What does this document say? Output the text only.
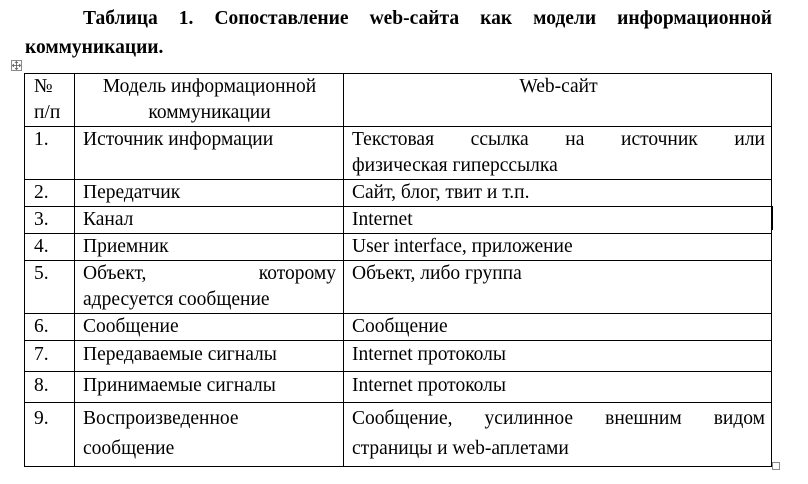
Таблица 1. Сопоставление web-сайта как модели информационной
коммуникации.
№
п/п	Модель информационной коммуникации	Web-сайт
1.	Источник информации	Текстовая ссылка на источник или
физическая гиперссылка
2.	Передатчик	Сайт, блог, твит и т.п.
3.	Канал	Internet
4.	Приемник	User interface, приложение
5.	Объект, которому
адресуется сообщение	Объект, либо группа
6.	Сообщение	Сообщение
7.	Передаваемые сигналы	Internet протоколы
8.	Принимаемые сигналы	Internet протоколы
9.	Воспроизведенное
сообщение	Сообщение, усилинное внешним видом
страницы и web-аплетами
